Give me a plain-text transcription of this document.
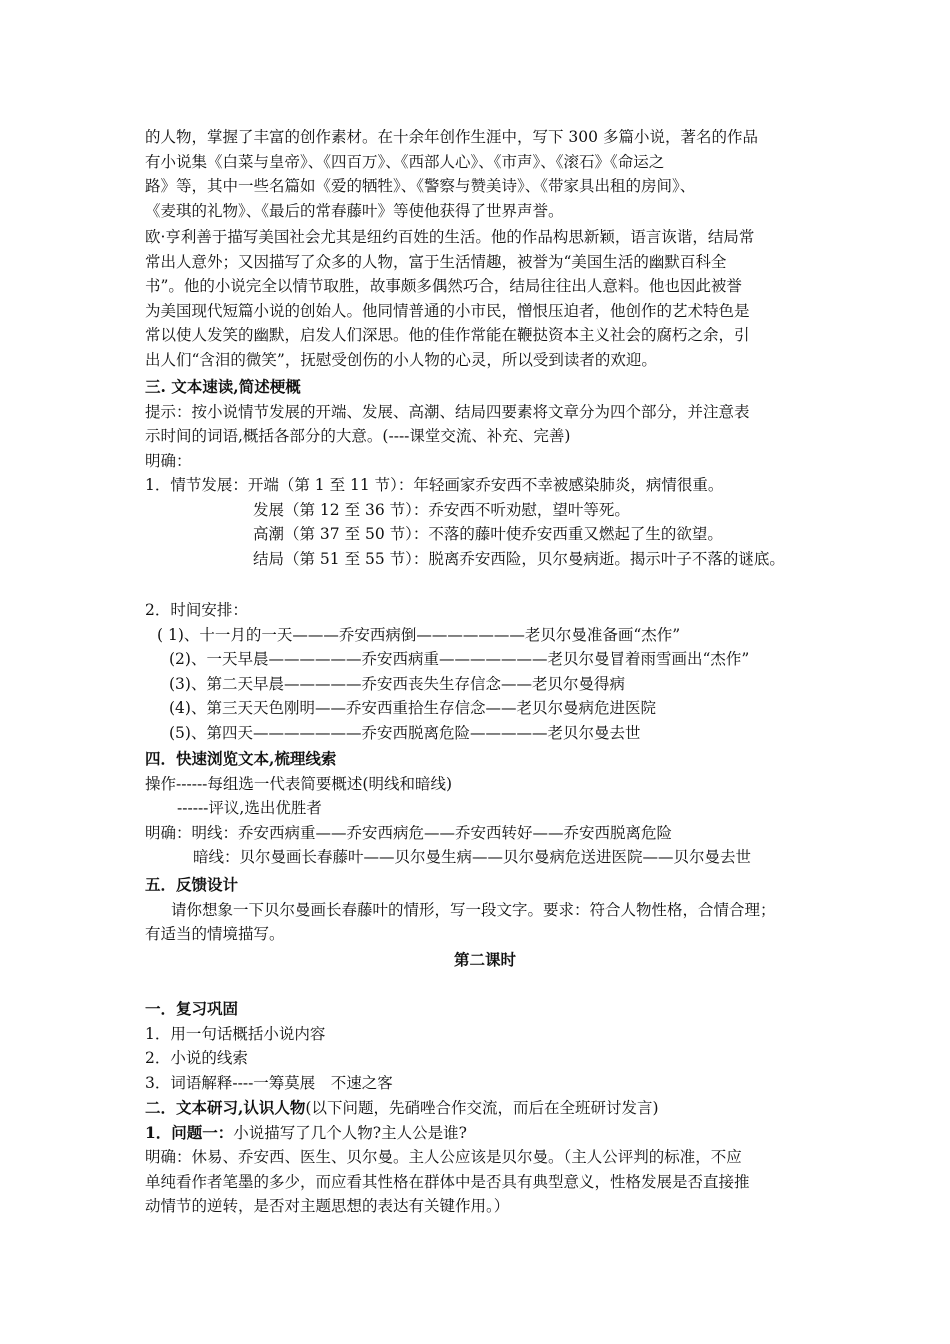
的人物，掌握了丰富的创作素材。在十余年创作生涯中，写下 300 多篇小说，著名的作品
有小说集《白菜与皇帝》、《四百万》、《西部人心》、《市声》、《滚石》《命运之
路》等，其中一些名篇如《爱的牺牲》、《警察与赞美诗》、《带家具出租的房间》、
《麦琪的礼物》、《最后的常春藤叶》等使他获得了世界声誉。
欧·亨利善于描写美国社会尤其是纽约百姓的生活。他的作品构思新颖，语言诙谐，结局常
常出人意外；又因描写了众多的人物，富于生活情趣，被誉为“美国生活的幽默百科全
书”。他的小说完全以情节取胜，故事颇多偶然巧合，结局往往出人意料。他也因此被誉
为美国现代短篇小说的创始人。他同情普通的小市民，憎恨压迫者，他创作的艺术特色是
常以使人发笑的幽默，启发人们深思。他的佳作常能在鞭挞资本主义社会的腐朽之余，引
出人们“含泪的微笑”，抚慰受创伤的小人物的心灵，所以受到读者的欢迎。
三. 文本速读,简述梗概
提示：按小说情节发展的开端、发展、高潮、结局四要素将文章分为四个部分，并注意表
示时间的词语,概括各部分的大意。(----课堂交流、补充、完善)
明确：
1．情节发展：开端（第 1 至 11 节）：年轻画家乔安西不幸被感染肺炎，病情很重。
发展（第 12 至 36 节）：乔安西不听劝慰，望叶等死。
高潮（第 37 至 50 节）：不落的藤叶使乔安西重又燃起了生的欲望。
结局（第 51 至 55 节）：脱离乔安西险，贝尔曼病逝。揭示叶子不落的谜底。
2．时间安排：
( 1)、十一月的一天———乔安西病倒———————老贝尔曼准备画“杰作”
(2)、一天早晨——————乔安西病重———————老贝尔曼冒着雨雪画出“杰作”
(3)、第二天早晨—————乔安西丧失生存信念——老贝尔曼得病
(4)、第三天天色刚明——乔安西重拾生存信念——老贝尔曼病危进医院
(5)、第四天———————乔安西脱离危险—————老贝尔曼去世
四．快速浏览文本,梳理线索
操作------每组选一代表简要概述(明线和暗线)
------评议,选出优胜者
明确：明线：乔安西病重——乔安西病危——乔安西转好——乔安西脱离危险
暗线：贝尔曼画长春藤叶——贝尔曼生病——贝尔曼病危送进医院——贝尔曼去世
五．反馈设计
请你想象一下贝尔曼画长春藤叶的情形，写一段文字。要求：符合人物性格，合情合理；
有适当的情境描写。
第二课时
一．复习巩固
1．用一句话概括小说内容
2．小说的线索
3．词语解释----一筹莫展　不速之客
二．文本研习,认识人物(以下问题，先硝唑合作交流，而后在全班研讨发言)
1．问题一：小说描写了几个人物?主人公是谁?
明确：休易、乔安西、医生、贝尔曼。主人公应该是贝尔曼。（主人公评判的标准，不应
单纯看作者笔墨的多少，而应看其性格在群体中是否具有典型意义，性格发展是否直接推
动情节的逆转，是否对主题思想的表达有关键作用。）
